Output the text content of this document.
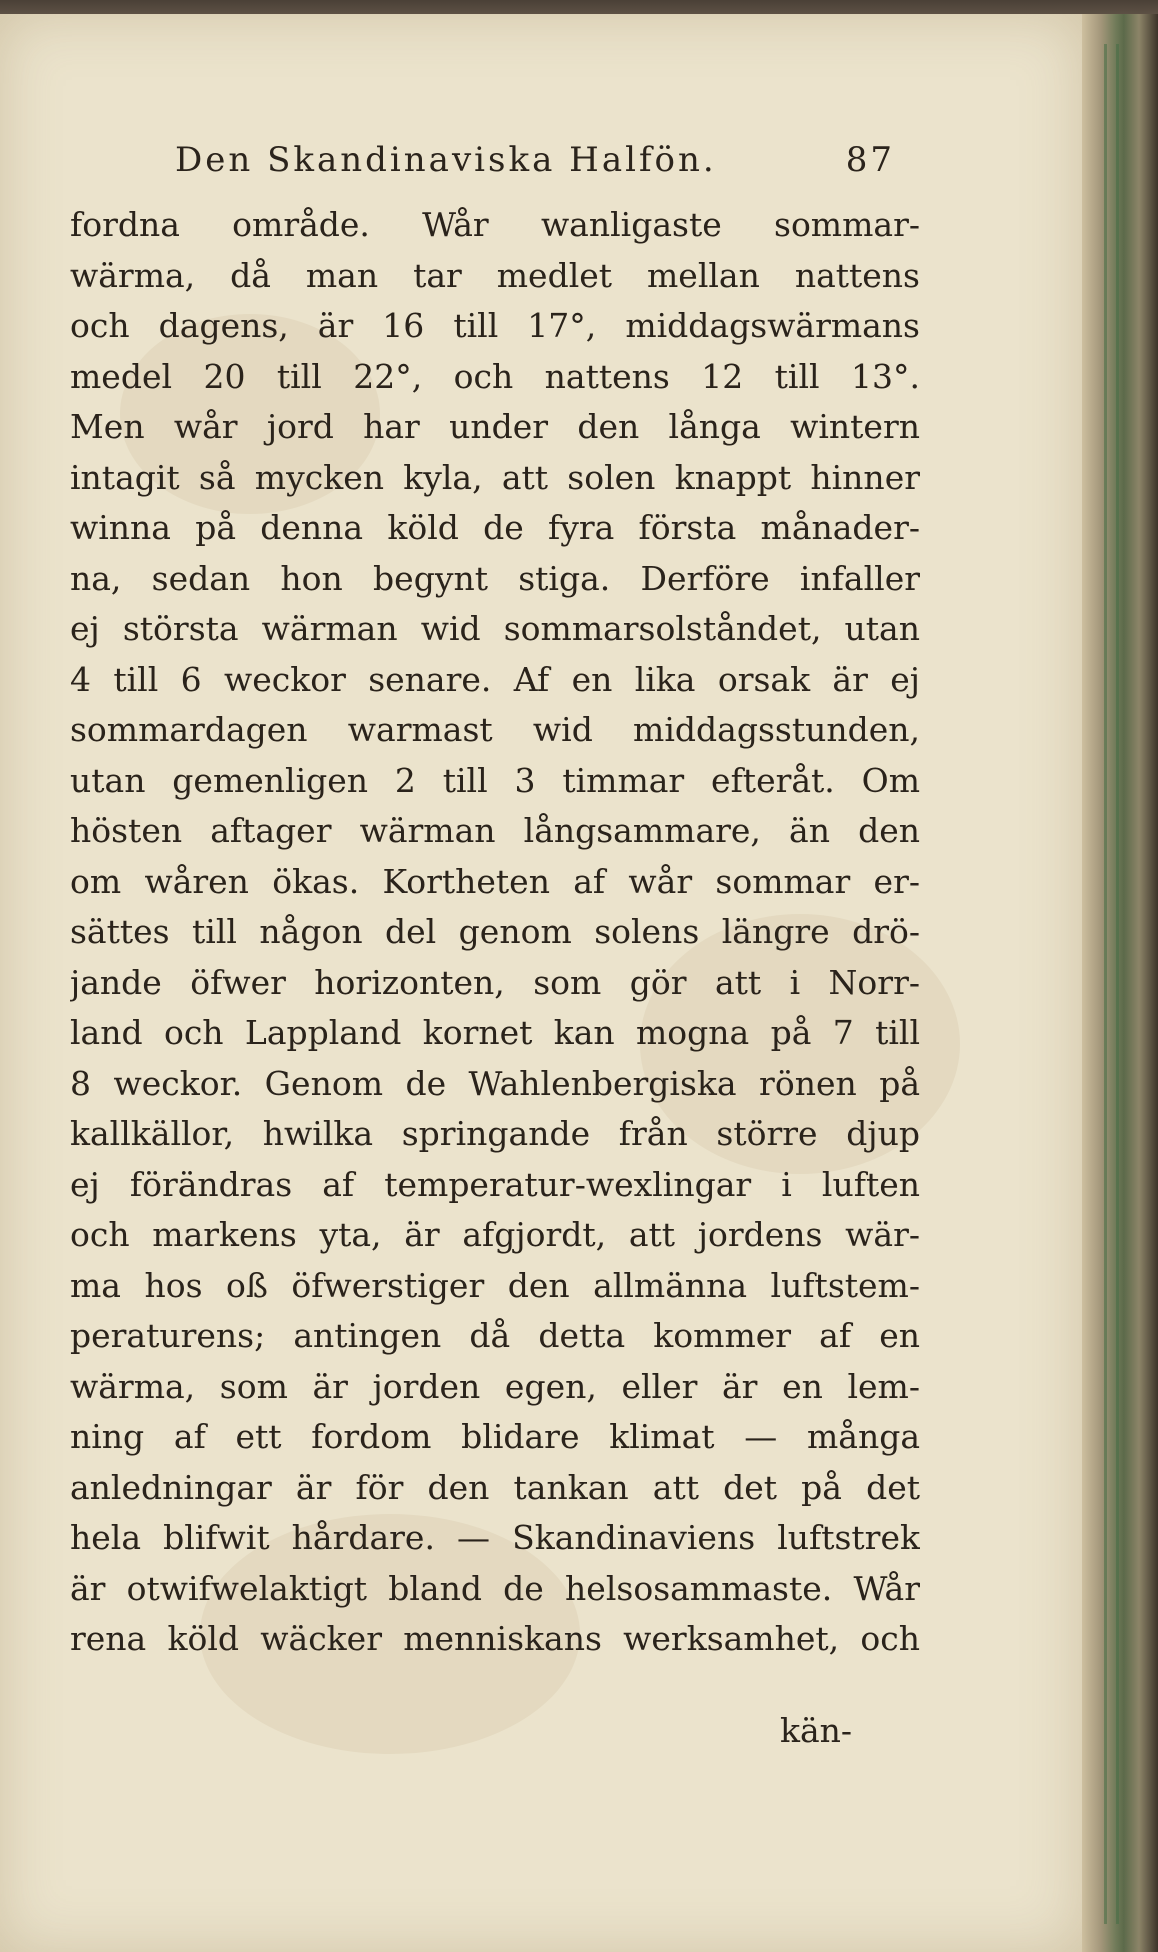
Den Skandinaviska Halfön.	87
fordna område. Wår wanligaste sommar-
wärma, då man tar medlet mellan nattens
och dagens, är 16 till 17°, middagswärmans
medel 20 till 22°, och nattens 12 till 13°.
Men wår jord har under den långa wintern
intagit så mycken kyla, att solen knappt hinner
winna på denna köld de fyra första månader-
na, sedan hon begynt stiga. Derföre infaller
ej största wärman wid sommarsolståndet, utan
4 till 6 weckor senare. Af en lika orsak är ej
sommardagen warmast wid middagsstunden,
utan gemenligen 2 till 3 timmar efteråt. Om
hösten aftager wärman långsammare, än den
om wåren ökas. Kortheten af wår sommar er-
sättes till någon del genom solens längre drö-
jande öfwer horizonten, som gör att i Norr-
land och Lappland kornet kan mogna på 7 till
8 weckor. Genom de Wahlenbergiska rönen på
kallkällor, hwilka springande från större djup
ej förändras af temperatur-wexlingar i luften
och markens yta, är afgjordt, att jordens wär-
ma hos oß öfwerstiger den allmänna luftstem-
peraturens; antingen då detta kommer af en
wärma, som är jorden egen, eller är en lem-
ning af ett fordom blidare klimat — många
anledningar är för den tankan att det på det
hela blifwit hårdare. — Skandinaviens luftstrek
är otwifwelaktigt bland de helsosammaste. Wår
rena köld wäcker menniskans werksamhet, och
kän-
